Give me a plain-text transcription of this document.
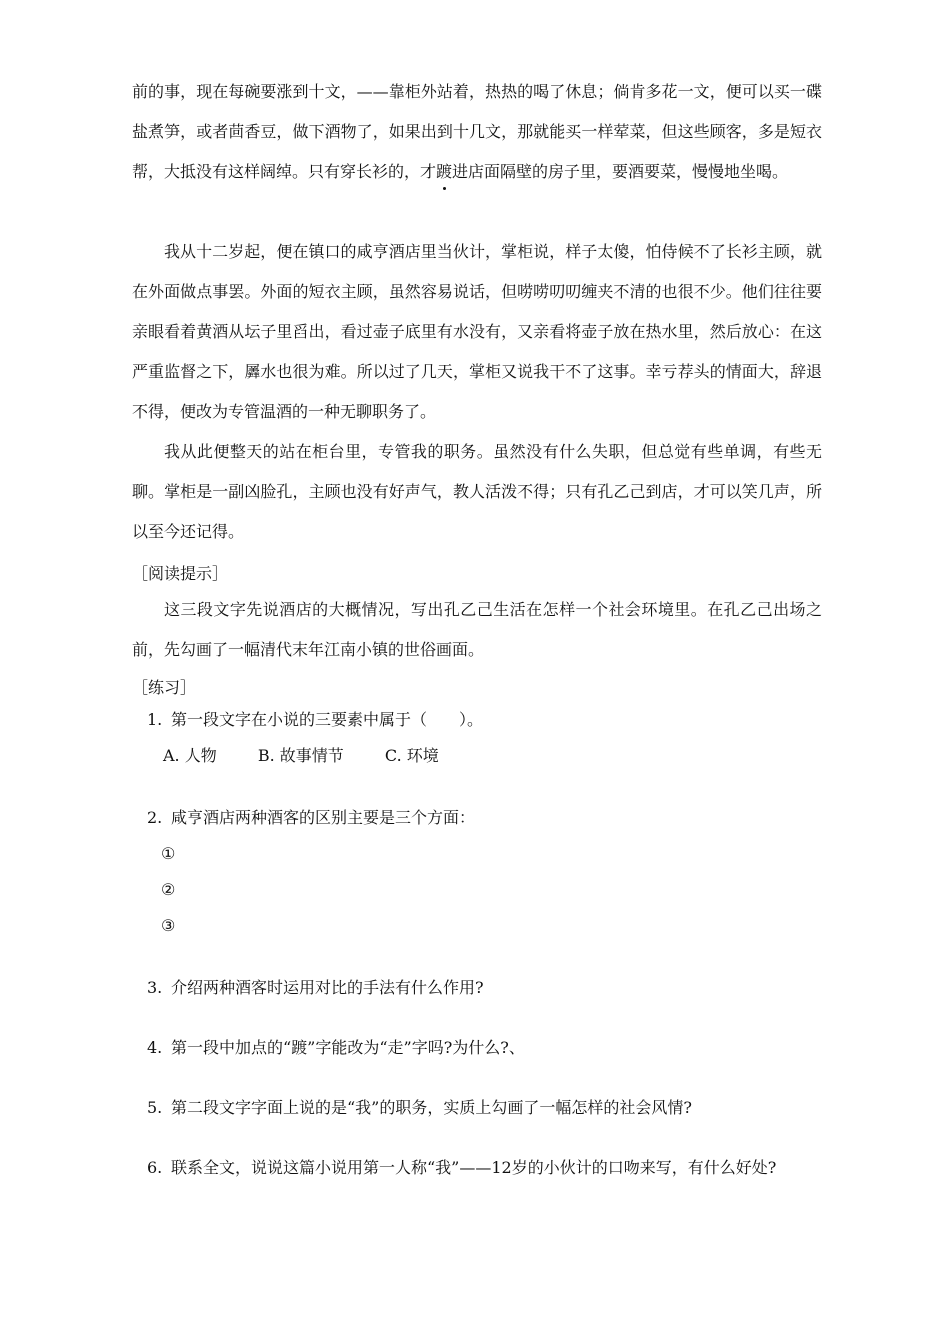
前的事，现在每碗要涨到十文，——靠柜外站着，热热的喝了休息；倘肯多花一文，便可以买一碟盐煮笋，或者茴香豆，做下酒物了，如果出到十几文，那就能买一样荤菜，但这些顾客，多是短衣帮，大抵没有这样阔绰。只有穿长衫的，才踱进店面隔壁的房子里，要酒要菜，慢慢地坐喝。

我从十二岁起，便在镇口的咸亨酒店里当伙计，掌柜说，样子太傻，怕侍候不了长衫主顾，就在外面做点事罢。外面的短衣主顾，虽然容易说话，但唠唠叨叨缠夹不清的也很不少。他们往往要亲眼看着黄酒从坛子里舀出，看过壶子底里有水没有，又亲看将壶子放在热水里，然后放心：在这严重监督之下，羼水也很为难。所以过了几天，掌柜又说我干不了这事。幸亏荐头的情面大，辞退不得，便改为专管温酒的一种无聊职务了。

我从此便整天的站在柜台里，专管我的职务。虽然没有什么失职，但总觉有些单调，有些无聊。掌柜是一副凶脸孔，主顾也没有好声气，教人活泼不得；只有孔乙己到店，才可以笑几声，所以至今还记得。

［阅读提示］

这三段文字先说酒店的大概情况，写出孔乙己生活在怎样一个社会环境里。在孔乙己出场之前，先勾画了一幅清代末年江南小镇的世俗画面。

［练习］

1. 第一段文字在小说的三要素中属于（　　）。

A. 人物	B. 故事情节	C. 环境

2. 咸亨酒店两种酒客的区别主要是三个方面：

①

②

③

3. 介绍两种酒客时运用对比的手法有什么作用?

4. 第一段中加点的“踱”字能改为“走”字吗?为什么?、

5. 第二段文字字面上说的是“我”的职务，实质上勾画了一幅怎样的社会风情?

6. 联系全文，说说这篇小说用第一人称“我”——12岁的小伙计的口吻来写，有什么好处?
